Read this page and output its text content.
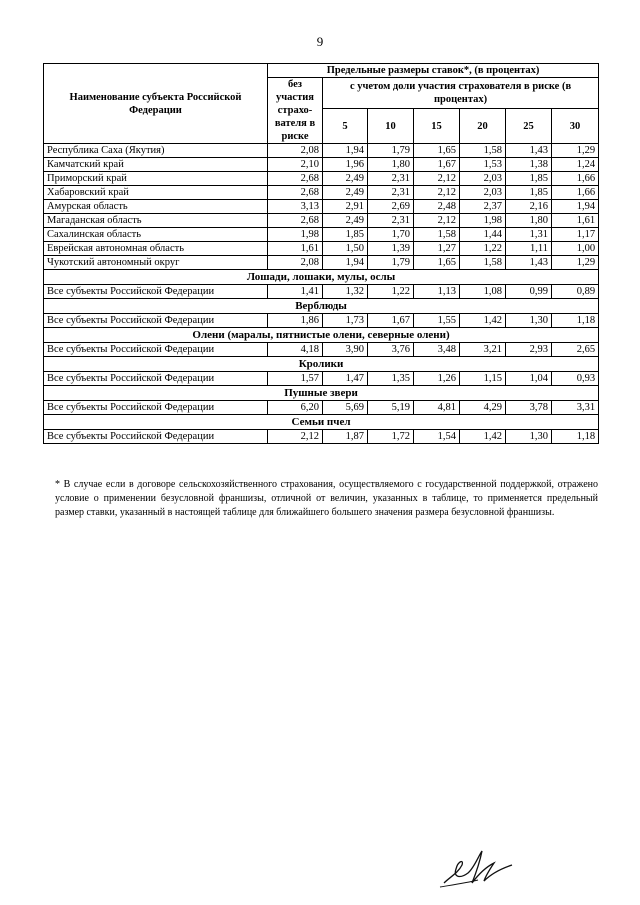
9
Наименование субъекта Российской Федерации	Предельные размеры ставок*, (в процентах)						
	без участия страхо-вателя в риске	с учетом доли участия страхователя в риске (в процентах)					
		5	10	15	20	25	30
Республика Саха (Якутия)	2,08	1,94	1,79	1,65	1,58	1,43	1,29
Камчатский край	2,10	1,96	1,80	1,67	1,53	1,38	1,24
Приморский край	2,68	2,49	2,31	2,12	2,03	1,85	1,66
Хабаровский край	2,68	2,49	2,31	2,12	2,03	1,85	1,66
Амурская область	3,13	2,91	2,69	2,48	2,37	2,16	1,94
Магаданская область	2,68	2,49	2,31	2,12	1,98	1,80	1,61
Сахалинская область	1,98	1,85	1,70	1,58	1,44	1,31	1,17
Еврейская автономная область	1,61	1,50	1,39	1,27	1,22	1,11	1,00
Чукотский автономный округ	2,08	1,94	1,79	1,65	1,58	1,43	1,29
Лошади, лошаки, мулы, ослы							
Все субъекты Российской Федерации	1,41	1,32	1,22	1,13	1,08	0,99	0,89
Верблюды							
Все субъекты Российской Федерации	1,86	1,73	1,67	1,55	1,42	1,30	1,18
Олени (маралы, пятнистые олени, северные олени)							
Все субъекты Российской Федерации	4,18	3,90	3,76	3,48	3,21	2,93	2,65
Кролики							
Все субъекты Российской Федерации	1,57	1,47	1,35	1,26	1,15	1,04	0,93
Пушные звери							
Все субъекты Российской Федерации	6,20	5,69	5,19	4,81	4,29	3,78	3,31
Семьи пчел							
Все субъекты Российской Федерации	2,12	1,87	1,72	1,54	1,42	1,30	1,18
* В случае если в договоре сельскохозяйственного страхования, осуществляемого с государственной поддержкой, отражено условие о применении безусловной франшизы, отличной от величин, указанных в таблице, то применяется предельный размер ставки, указанный в настоящей таблице для ближайшего большего значения размера безусловной франшизы.
